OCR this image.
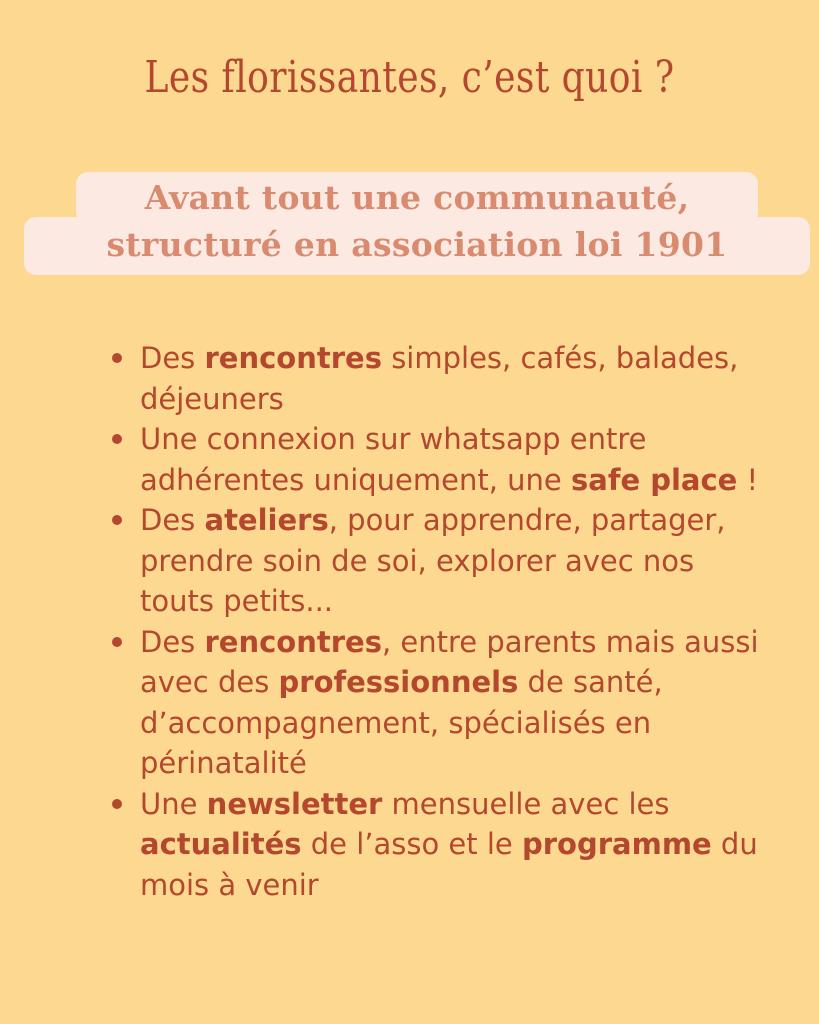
Les florissantes, c’est quoi ?
structuré en association loi 1901
Avant tout une communauté,
Des rencontres simples, cafés, balades, déjeuners
Une connexion sur whatsapp entre adhérentes uniquement, une safe place !
Des ateliers, pour apprendre, partager, prendre soin de soi, explorer avec nos touts petits...
Des rencontres, entre parents mais aussi avec des professionnels de santé, d’accompagnement, spécialisés en périnatalité
Une newsletter mensuelle avec les actualités de l’asso et le programme du mois à venir
